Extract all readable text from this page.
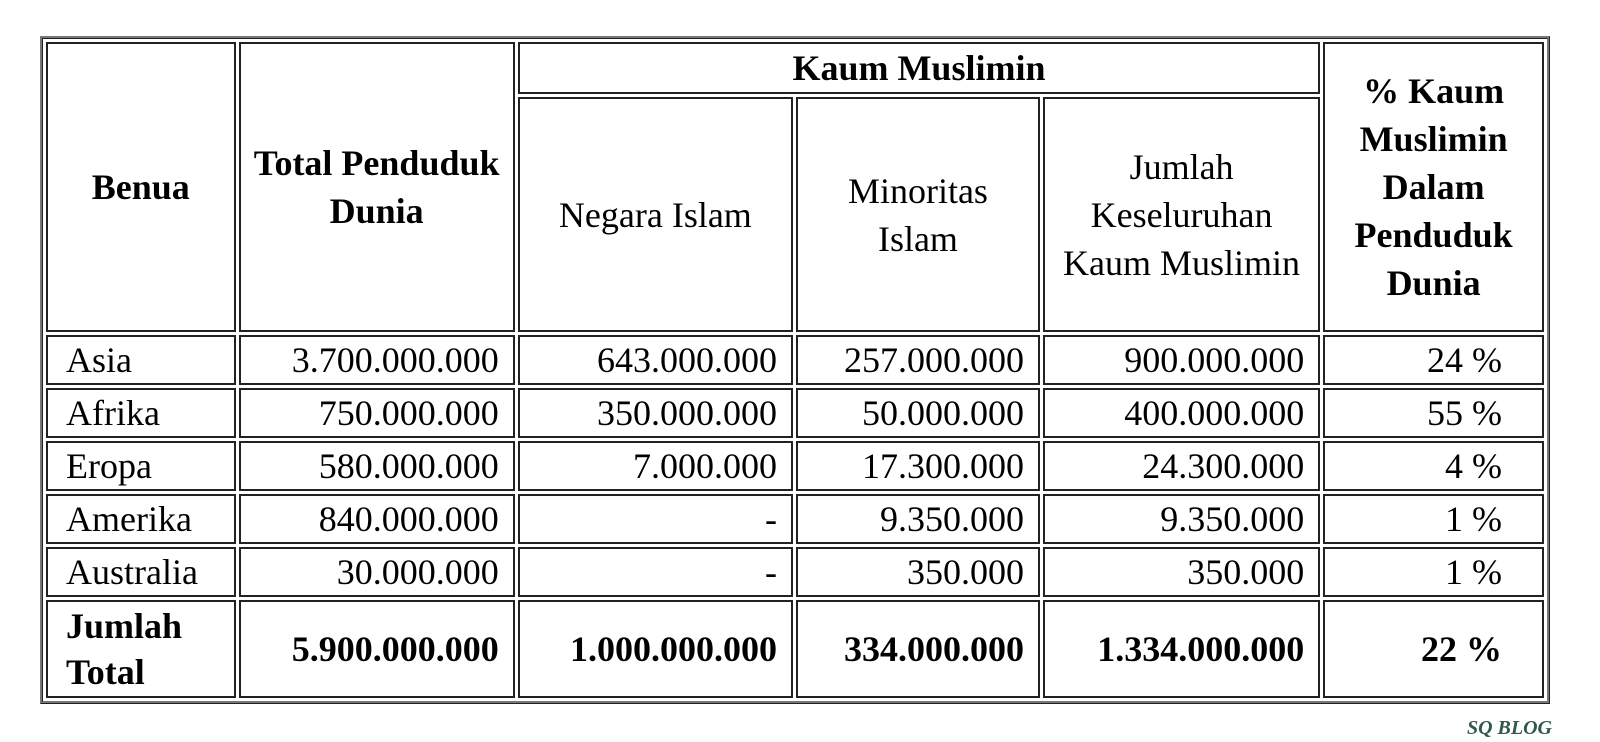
Benua	Total Penduduk Dunia	Kaum Muslimin			% Kaum Muslimin Dalam Penduduk Dunia
		Negara Islam	Minoritas Islam	Jumlah Keseluruhan Kaum Muslimin	
Asia	3.700.000.000	643.000.000	257.000.000	900.000.000	24 %
Afrika	750.000.000	350.000.000	50.000.000	400.000.000	55 %
Eropa	580.000.000	7.000.000	17.300.000	24.300.000	4 %
Amerika	840.000.000	-	9.350.000	9.350.000	1 %
Australia	30.000.000	-	350.000	350.000	1 %
Jumlah Total	5.900.000.000	1.000.000.000	334.000.000	1.334.000.000	22 %
SQ BLOG
